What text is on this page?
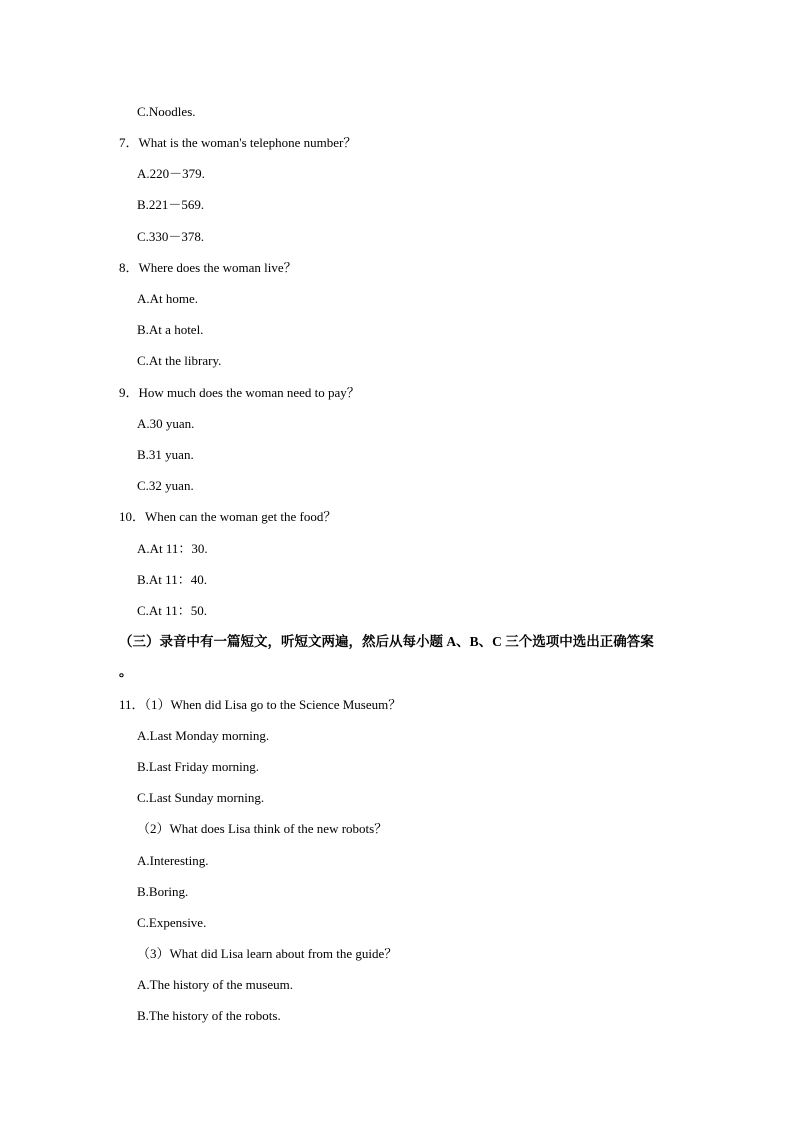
C.Noodles.
7．What is the woman's telephone number？
A.220－379.
B.221－569.
C.330－378.
8．Where does the woman live？
A.At home.
B.At a hotel.
C.At the library.
9．How much does the woman need to pay？
A.30 yuan.
B.31 yuan.
C.32 yuan.
10．When can the woman get the food？
A.At 11：30.
B.At 11：40.
C.At 11：50.
（三）录音中有一篇短文，听短文两遍，然后从每小题 A、B、C 三个选项中选出正确答案
。
11．（1）When did Lisa go to the Science Museum？
A.Last Monday morning.
B.Last Friday morning.
C.Last Sunday morning.
（2）What does Lisa think of the new robots？
A.Interesting.
B.Boring.
C.Expensive.
（3）What did Lisa learn about from the guide？
A.The history of the museum.
B.The history of the robots.
